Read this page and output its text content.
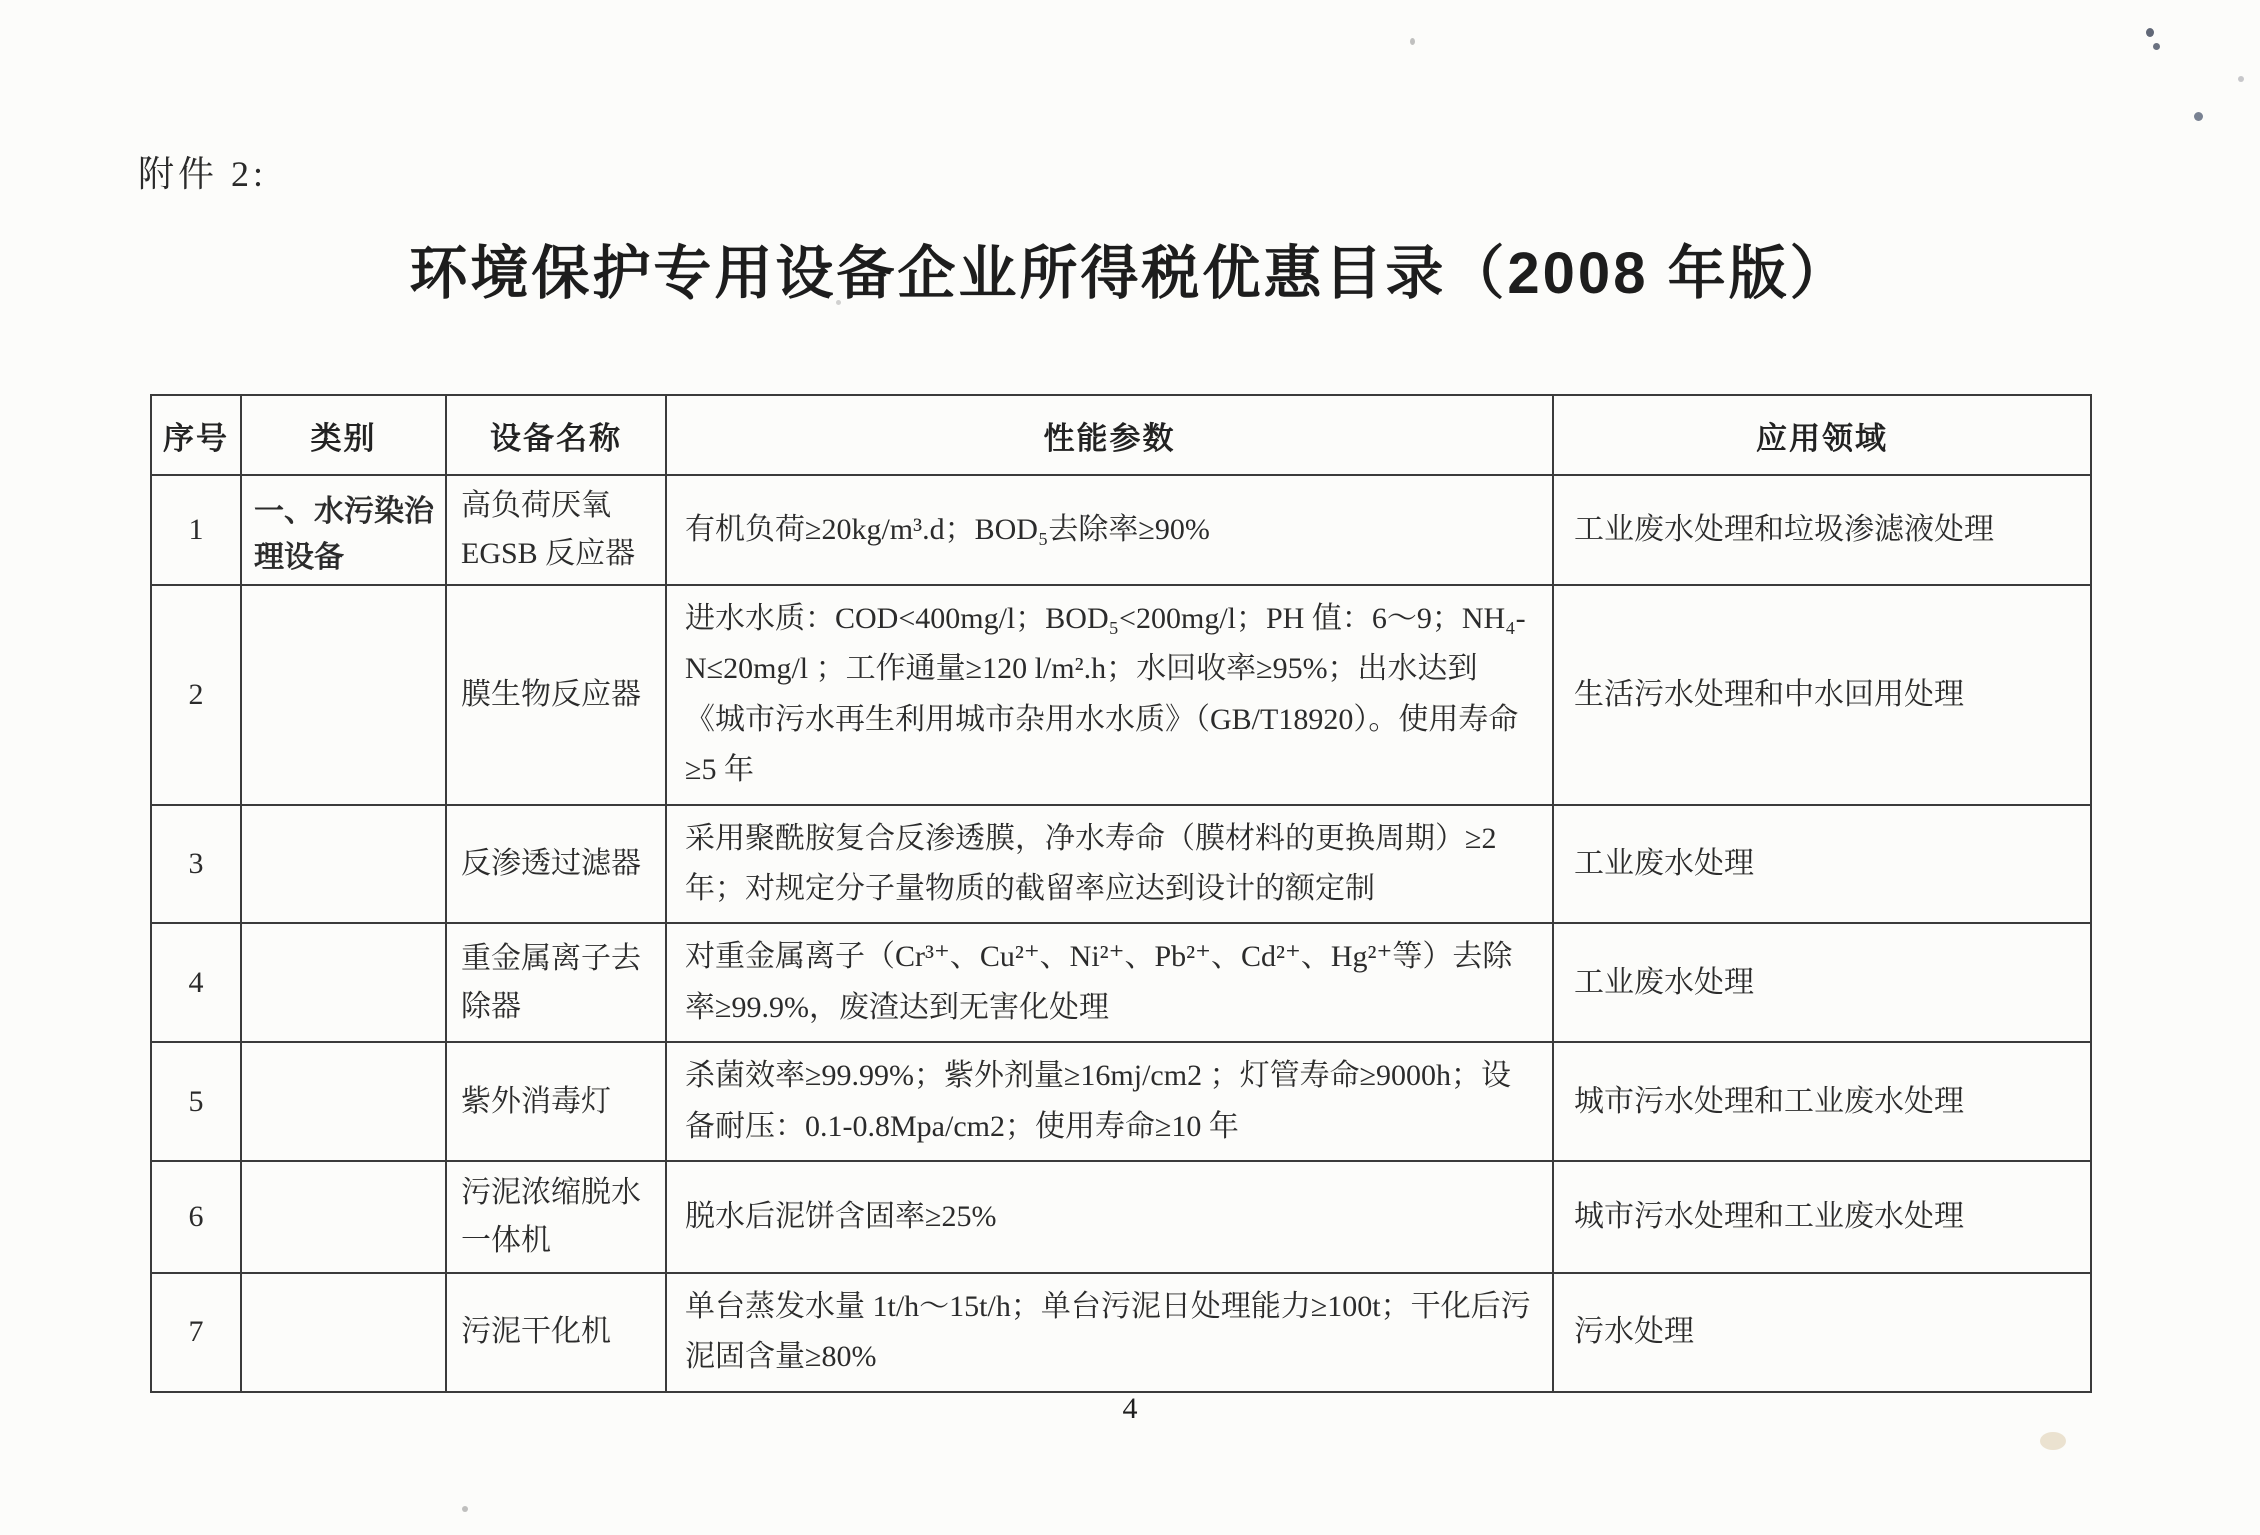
附件 2:
环境保护专用设备企业所得税优惠目录（2008 年版）
序号	类别	设备名称	性能参数	应用领域
1	一、水污染治理设备	高负荷厌氧 EGSB 反应器	有机负荷≥20kg/m³.d；BOD₅去除率≥90%	工业废水处理和垃圾渗滤液处理
2		膜生物反应器	进水水质：COD<400mg/l；BOD₅<200mg/l；PH 值：6～9；NH₄-N≤20mg/l ；工作通量≥120 l/m².h；水回收率≥95%；出水达到《城市污水再生利用城市杂用水水质》（GB/T18920）。使用寿命≥5 年	生活污水处理和中水回用处理
3		反渗透过滤器	采用聚酰胺复合反渗透膜，净水寿命（膜材料的更换周期）≥2 年；对规定分子量物质的截留率应达到设计的额定制	工业废水处理
4		重金属离子去除器	对重金属离子（Cr³⁺、Cu²⁺、Ni²⁺、Pb²⁺、Cd²⁺、Hg²⁺等）去除率≥99.9%，废渣达到无害化处理	工业废水处理
5		紫外消毒灯	杀菌效率≥99.99%；紫外剂量≥16mj/cm2 ；灯管寿命≥9000h；设备耐压：0.1-0.8Mpa/cm2；使用寿命≥10 年	城市污水处理和工业废水处理
6		污泥浓缩脱水一体机	脱水后泥饼含固率≥25%	城市污水处理和工业废水处理
7		污泥干化机	单台蒸发水量 1t/h～15t/h；单台污泥日处理能力≥100t；干化后污泥固含量≥80%	污水处理
4
